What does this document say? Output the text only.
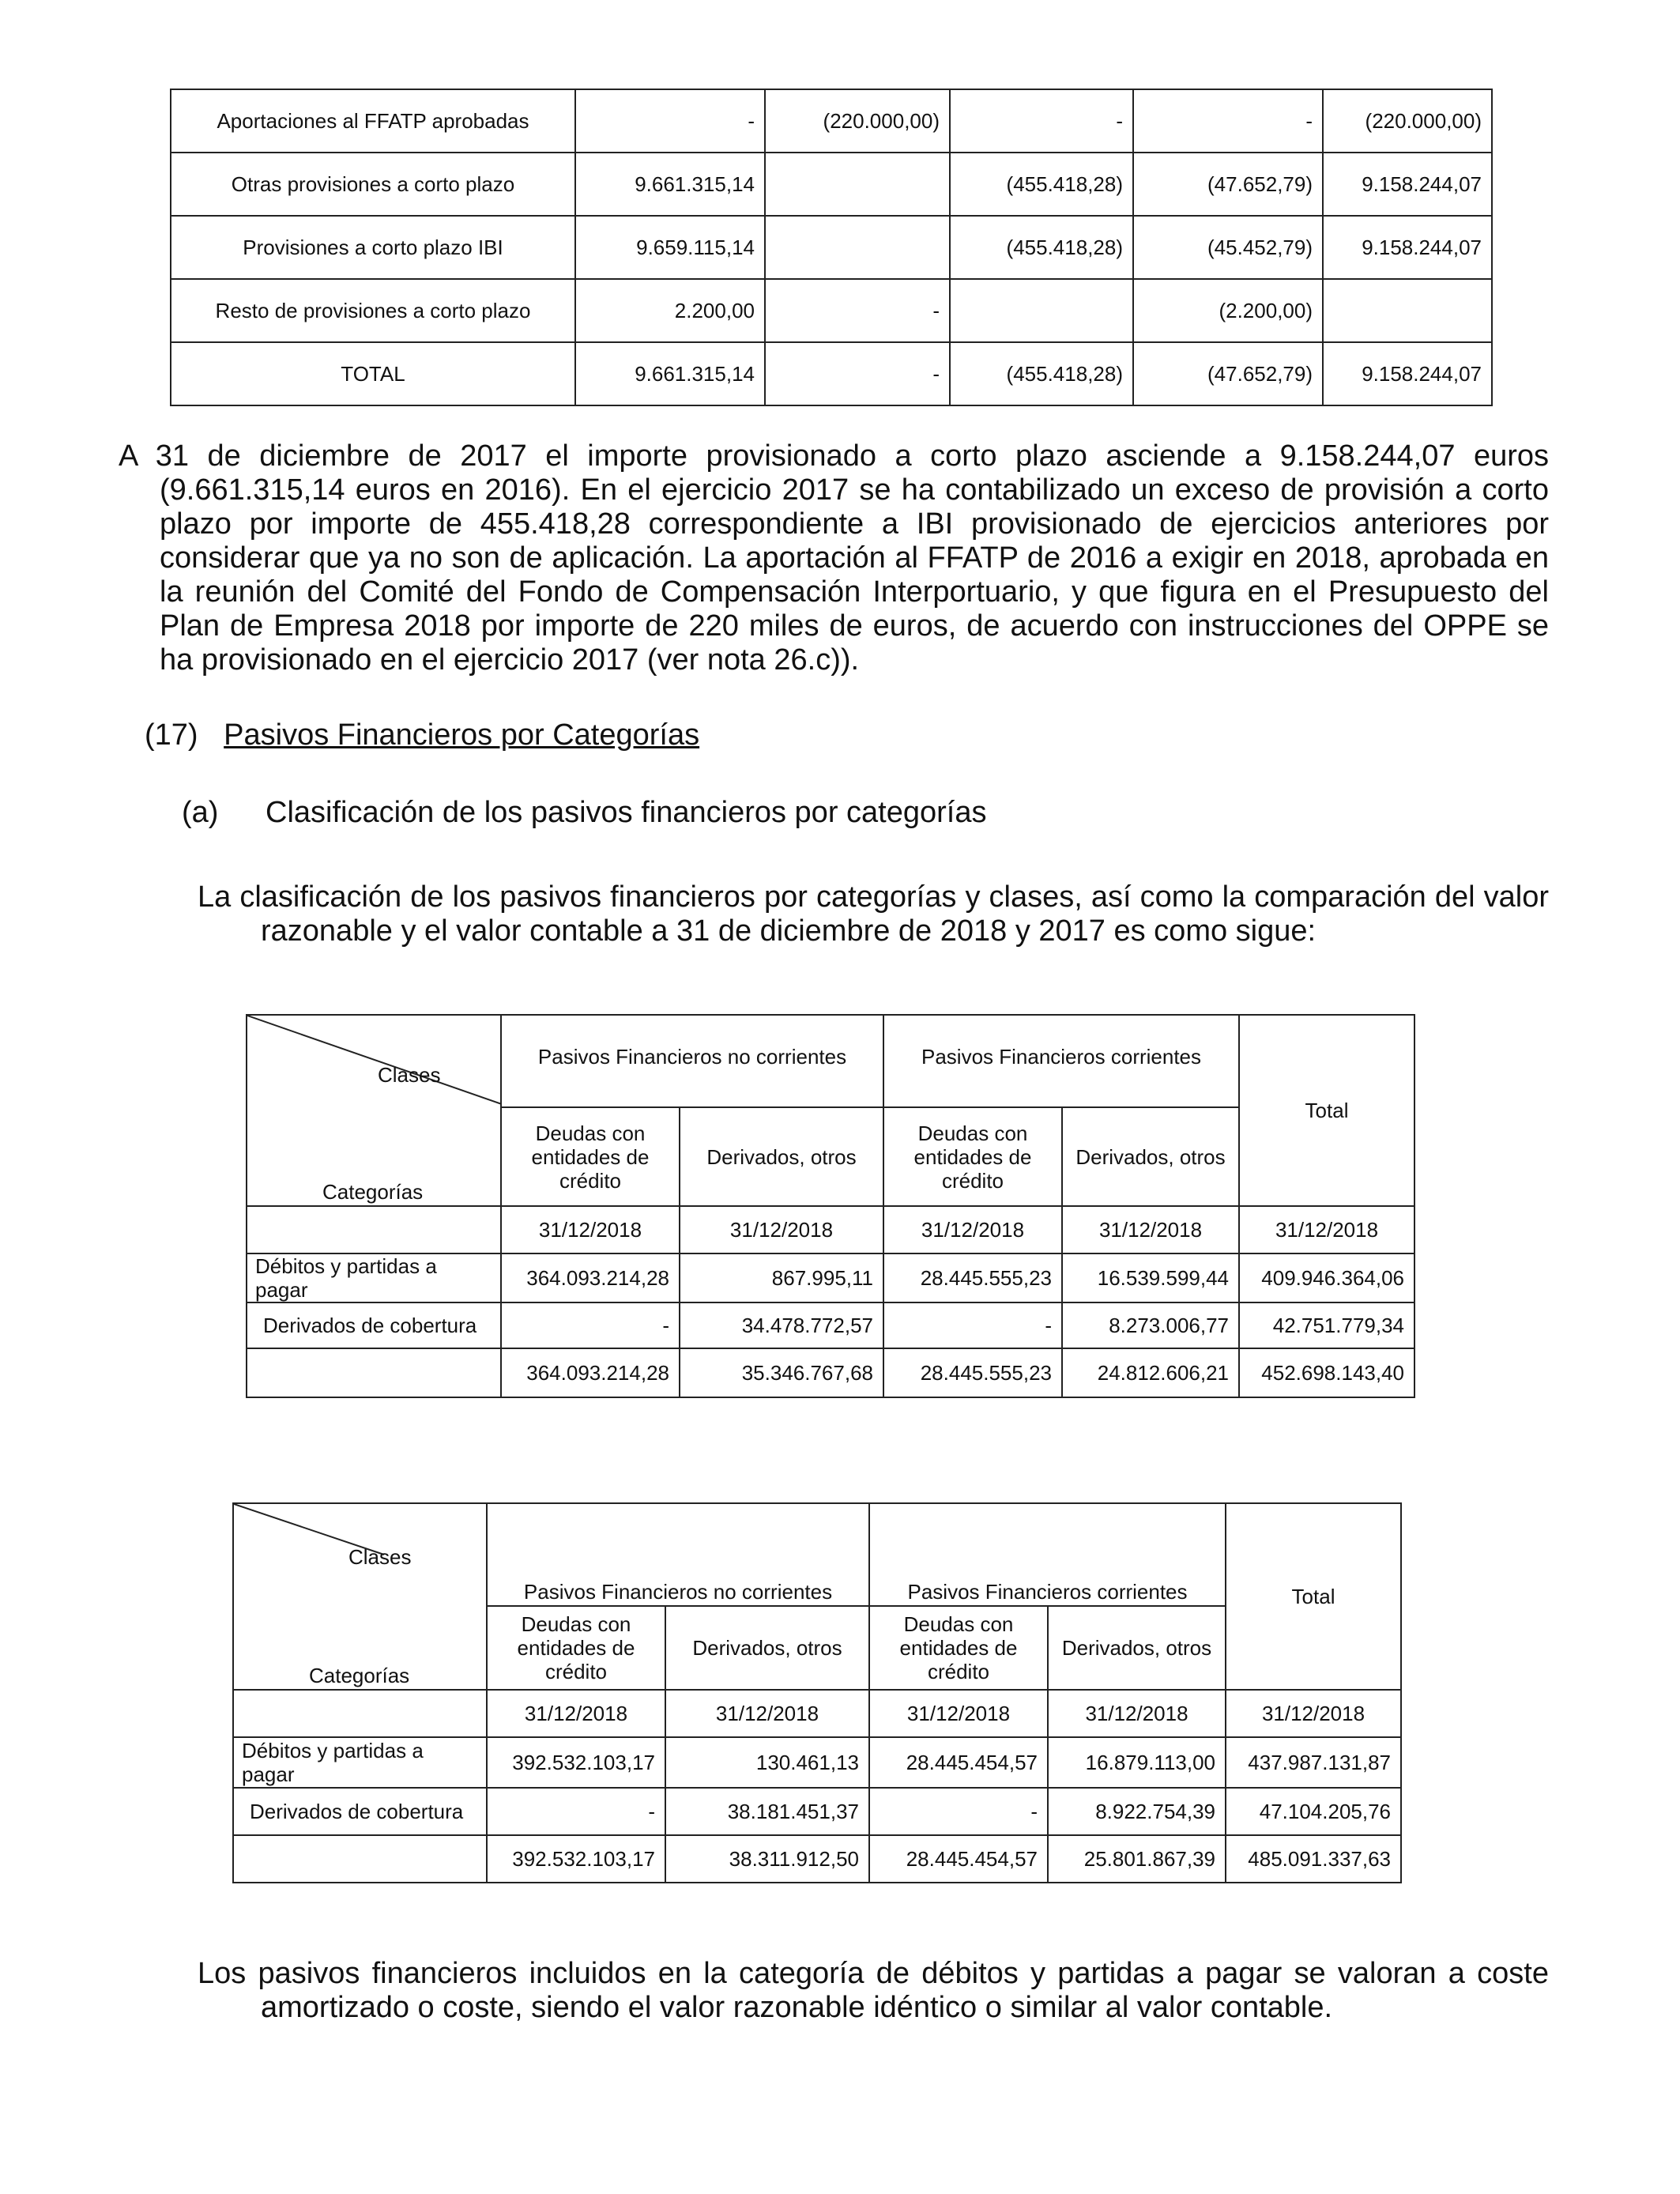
Aportaciones al FFATP aprobadas	-	(220.000,00)	-	-	(220.000,00)
Otras provisiones a corto plazo	9.661.315,14		(455.418,28)	(47.652,79)	9.158.244,07
Provisiones a corto plazo IBI	9.659.115,14		(455.418,28)	(45.452,79)	9.158.244,07
Resto de provisiones a corto plazo	2.200,00	-		(2.200,00)	
TOTAL	9.661.315,14	-	(455.418,28)	(47.652,79)	9.158.244,07
A 31 de diciembre de 2017 el importe provisionado a corto plazo asciende a 9.158.244,07 euros
(9.661.315,14 euros en 2016). En el ejercicio 2017 se ha contabilizado un exceso de provisión a corto plazo por importe de 455.418,28 correspondiente a IBI provisionado de ejercicios anteriores por considerar que ya no son de aplicación. La aportación al FFATP de 2016 a exigir en 2018, aprobada en la reunión del Comité del Fondo de Compensación Interportuario, y que figura en el Presupuesto del Plan de Empresa 2018 por importe de 220 miles de euros, de acuerdo con instrucciones del OPPE se ha provisionado en el ejercicio 2017 (ver nota 26.c)).
(17) Pasivos Financieros por Categorías
(a) Clasificación de los pasivos financieros por categorías
La clasificación de los pasivos financieros por categorías y clases, así como la comparación del valor
razonable y el valor contable a 31 de diciembre de 2018 y 2017 es como sigue:
Clases
Categorías	Pasivos Financieros no corrientes		Pasivos Financieros corrientes		Total
	Deudas con entidades de crédito	Derivados, otros	Deudas con entidades de crédito	Derivados, otros	
	31/12/2018	31/12/2018	31/12/2018	31/12/2018	31/12/2018
Débitos y partidas a pagar	364.093.214,28	867.995,11	28.445.555,23	16.539.599,44	409.946.364,06
Derivados de cobertura	-	34.478.772,57	-	8.273.006,77	42.751.779,34
	364.093.214,28	35.346.767,68	28.445.555,23	24.812.606,21	452.698.143,40
Clases
Categorías	Pasivos Financieros no corrientes		Pasivos Financieros corrientes		Total
	Deudas con entidades de crédito	Derivados, otros	Deudas con entidades de crédito	Derivados, otros	
	31/12/2018	31/12/2018	31/12/2018	31/12/2018	31/12/2018
Débitos y partidas a pagar	392.532.103,17	130.461,13	28.445.454,57	16.879.113,00	437.987.131,87
Derivados de cobertura	-	38.181.451,37	-	8.922.754,39	47.104.205,76
	392.532.103,17	38.311.912,50	28.445.454,57	25.801.867,39	485.091.337,63
Los pasivos financieros incluidos en la categoría de débitos y partidas a pagar se valoran a coste
amortizado o coste, siendo el valor razonable idéntico o similar al valor contable.
